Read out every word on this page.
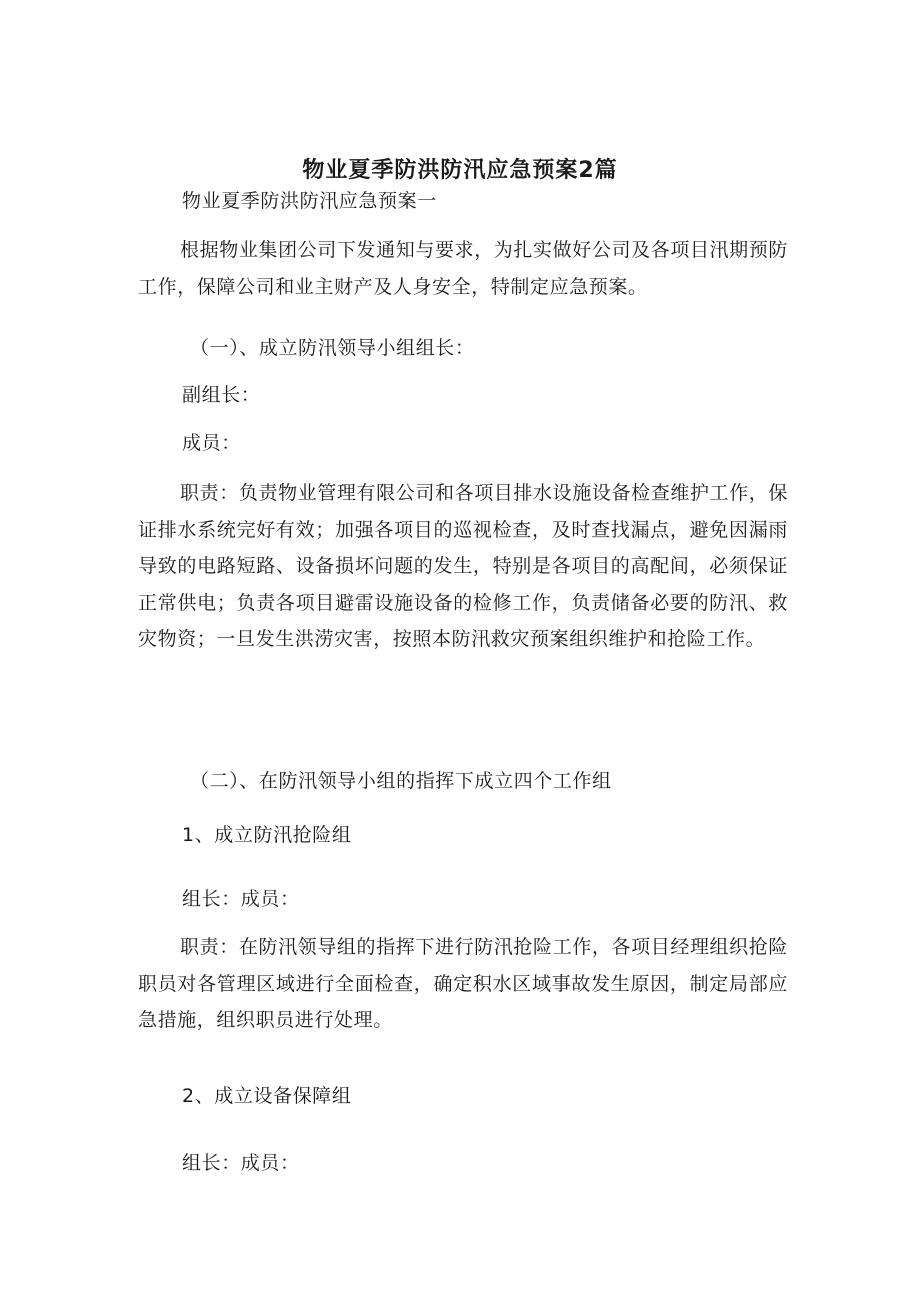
物业夏季防洪防汛应急预案2篇

物业夏季防洪防汛应急预案一

根据物业集团公司下发通知与要求，为扎实做好公司及各项目汛期预防工作，保障公司和业主财产及人身安全，特制定应急预案。

（一）、成立防汛领导小组组长：

副组长：

成员：

职责：负责物业管理有限公司和各项目排水设施设备检查维护工作，保证排水系统完好有效；加强各项目的巡视检查，及时查找漏点，避免因漏雨导致的电路短路、设备损坏问题的发生，特别是各项目的高配间，必须保证正常供电；负责各项目避雷设施设备的检修工作，负责储备必要的防汛、救灾物资；一旦发生洪涝灾害，按照本防汛救灾预案组织维护和抢险工作。

（二）、在防汛领导小组的指挥下成立四个工作组

1、成立防汛抢险组

组长：成员：

职责：在防汛领导组的指挥下进行防汛抢险工作，各项目经理组织抢险职员对各管理区域进行全面检查，确定积水区域事故发生原因，制定局部应急措施，组织职员进行处理。

2、成立设备保障组

组长：成员：
